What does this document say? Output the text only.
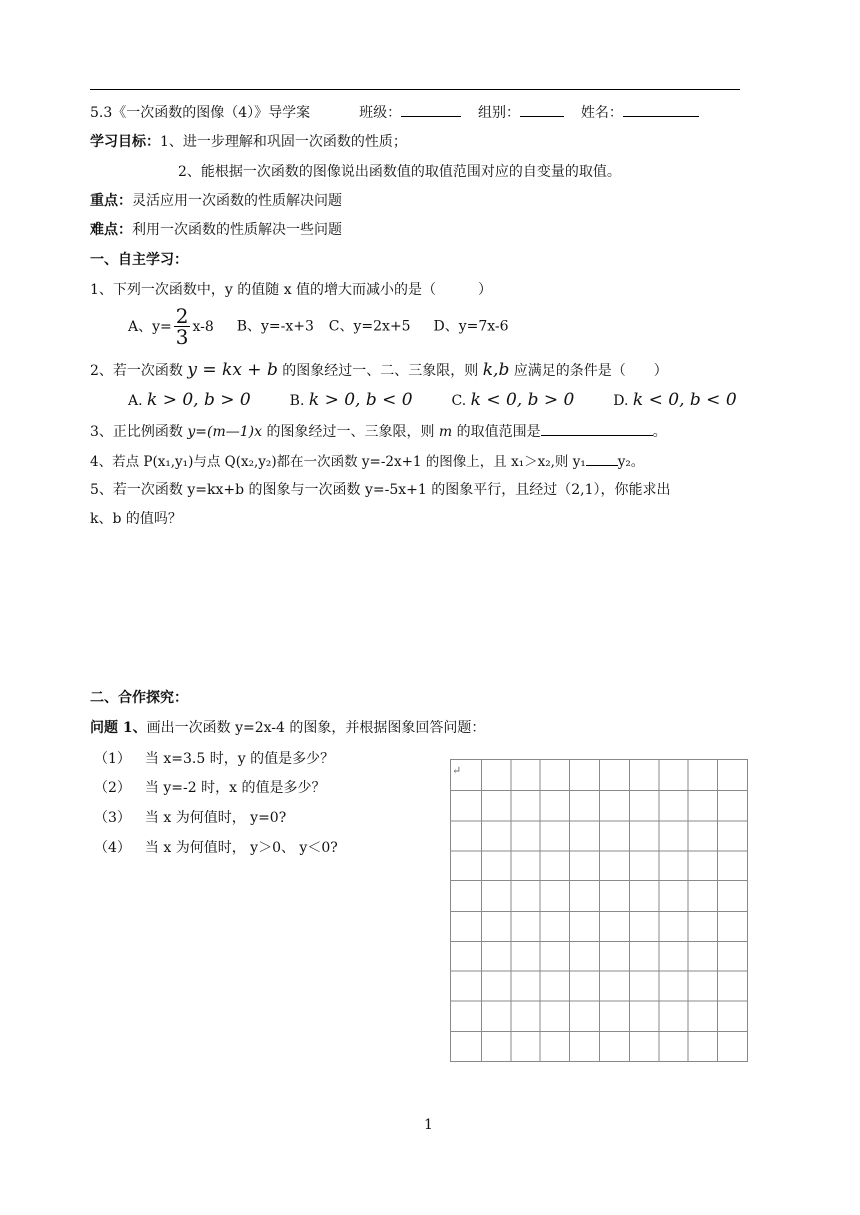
5.3《一次函数的图像（4）》导学案	班级：	组别：	姓名：
学习目标：1、进一步理解和巩固一次函数的性质；
2、能根据一次函数的图像说出函数值的取值范围对应的自变量的取值。
重点：灵活应用一次函数的性质解决问题
难点：利用一次函数的性质解决一些问题
一、自主学习：
1、下列一次函数中，y 的值随 x 值的增大而减小的是（　　　）
A、$y= \frac{2}{3} x-8$ B、y=-x+3 C、y=2x+5 D、y=7x-6
2、若一次函数 y = kx + b 的图象经过一、二、三象限，则 k,b 应满足的条件是（　　）
A. k > 0, b > 0	B. k > 0, b < 0	C. k < 0, b > 0	D. k < 0, b < 0
3、正比例函数 y=(m—1)x 的图象经过一、三象限，则 m 的取值范围是	。
4、若点 P(x₁,y₁)与点 Q(x₂,y₂)都在一次函数 y=-2x+1 的图像上，且 x₁＞x₂,则 y₁ y₂。
5、若一次函数 y=kx+b 的图象与一次函数 y=-5x+1 的图象平行，且经过（2,1），你能求出
k、b 的值吗？
二、合作探究：
问题 1、画出一次函数 y=2x-4 的图象，并根据图象回答问题：
（1） 当 x=3.5 时，y 的值是多少？
（2） 当 y=-2 时，x 的值是多少？
（3） 当 x 为何值时， y=0?
（4） 当 x 为何值时， y＞0、 y＜0?
↵
1
